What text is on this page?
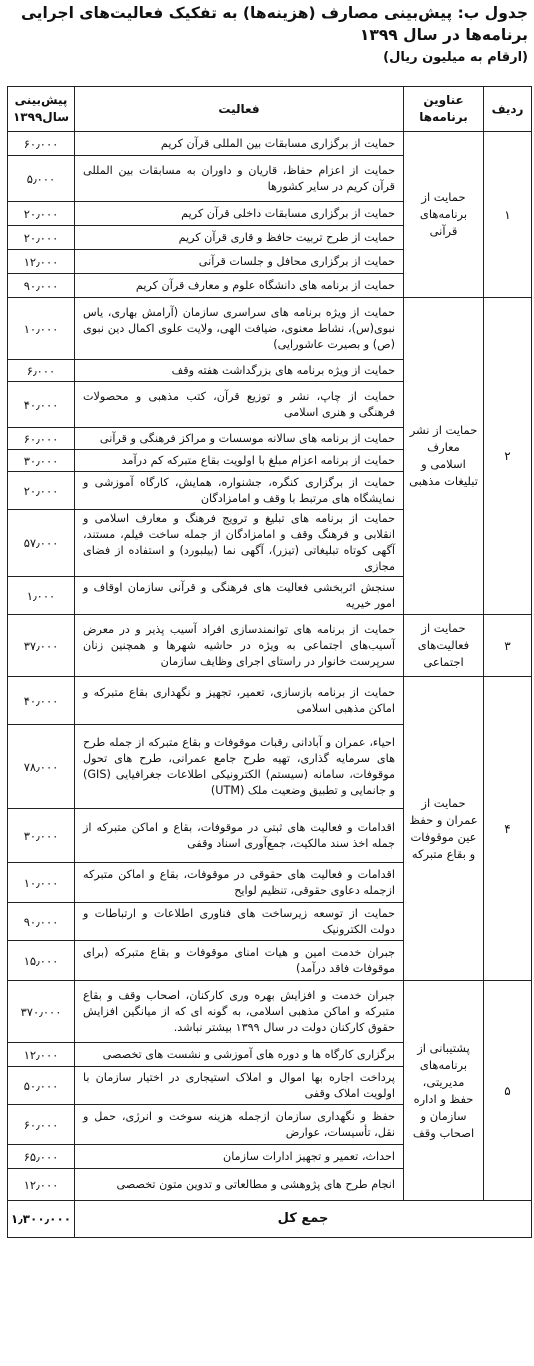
جدول ب: پیش‌بینی مصارف (هزینه‌ها) به تفکیک فعالیت‌های اجرایی برنامه‌ها در سال ۱۳۹۹
(ارقام به میلیون ریال)
ردیف	عناوین برنامه‌ها	فعالیت	پیش‌بینی سال۱۳۹۹
۱	حمایت از برنامه‌های قرآنی	حمایت از برگزاری مسابقات بین المللی قرآن کریم	۶۰٫۰۰۰
		حمایت از اعزام حفاظ، قاریان و داوران به مسابقات بین المللی قرآن کریم در سایر کشورها	۵٫۰۰۰
		حمایت از برگزاری مسابقات داخلی قرآن کریم	۲۰٫۰۰۰
		حمایت از طرح تربیت حافظ و قاری قرآن کریم	۲۰٫۰۰۰
		حمایت از برگزاری محافل و جلسات قرآنی	۱۲٫۰۰۰
		حمایت از برنامه های دانشگاه علوم و معارف قرآن کریم	۹۰٫۰۰۰
۲	حمایت از نشر معارف اسلامی و تبلیغات مذهبی	حمایت از ویژه برنامه های سراسری سازمان (آرامش بهاری، یاس نبوی(س)، نشاط معنوی، ضیافت الهی، ولایت علوی اکمال دین نبوی (ص) و بصیرت عاشورایی)	۱۰٫۰۰۰
		حمایت از ویژه برنامه های بزرگداشت هفته وقف	۶٫۰۰۰
		حمایت از چاپ، نشر و توزیع قرآن، کتب مذهبی و محصولات فرهنگی و هنری اسلامی	۴۰٫۰۰۰
		حمایت از برنامه های سالانه موسسات و مراکز فرهنگی و قرآنی	۶۰٫۰۰۰
		حمایت از برنامه اعزام مبلغ با اولویت بقاع متبرکه کم درآمد	۳۰٫۰۰۰
		حمایت از برگزاری کنگره، جشنواره، همایش، کارگاه آموزشی و نمایشگاه های مرتبط با وقف و امامزادگان	۲۰٫۰۰۰
		حمایت از برنامه های تبلیغ و ترویج فرهنگ و معارف اسلامی و انقلابی و فرهنگ وقف و امامزادگان از جمله ساخت فیلم، مستند، آگهی کوتاه تبلیغاتی (تیزر)، آگهی نما (بیلبورد) و استفاده از فضای مجازی	۵۷٫۰۰۰
		سنجش اثربخشی فعالیت های فرهنگی و قرآنی سازمان اوقاف و امور خیریه	۱٫۰۰۰
۳	حمایت از فعالیت‌های اجتماعی	حمایت از برنامه های توانمندسازی افراد آسیب پذیر و در معرض آسیب‌های اجتماعی به ویژه در حاشیه شهرها و همچنین زنان سرپرست خانوار در راستای اجرای وظایف سازمان	۳۷٫۰۰۰
۴	حمایت از عمران و حفظ عین موقوفات و بقاع متبرکه	حمایت از برنامه بازسازی، تعمیر، تجهیز و نگهداری بقاع متبرکه و اماکن مذهبی اسلامی	۴۰٫۰۰۰
		احیاء، عمران و آبادانی رقبات موقوفات و بقاع متبرکه از جمله طرح های سرمایه گذاری، تهیه طرح جامع عمرانی، طرح های تحول موقوفات، سامانه (سیستم) الکترونیکی اطلاعات جغرافیایی (GIS) و جانمایی و تطبیق وضعیت ملک (UTM)	۷۸٫۰۰۰
		اقدامات و فعالیت های ثبتی در موقوفات، بقاع و اماکن متبرکه از جمله اخذ سند مالکیت، جمع‌آوری اسناد وقفی	۳۰٫۰۰۰
		اقدامات و فعالیت های حقوقی در موقوفات، بقاع و اماکن متبرکه ازجمله دعاوی حقوقی، تنظیم لوایح	۱۰٫۰۰۰
		حمایت از توسعه زیرساخت های فناوری اطلاعات و ارتباطات و دولت الکترونیک	۹۰٫۰۰۰
		جبران خدمت امین و هیات امنای موقوفات و بقاع متبرکه (برای موقوفات فاقد درآمد)	۱۵٫۰۰۰
۵	پشتیبانی از برنامه‌های مدیریتی، حفظ و اداره سازمان و اصحاب وقف	جبران خدمت و افزایش بهره وری کارکنان، اصحاب وقف و بقاع متبرکه و اماکن مذهبی اسلامی، به گونه ای که از میانگین افزایش حقوق کارکنان دولت در سال ۱۳۹۹ بیشتر نباشد.	۳۷۰٫۰۰۰
		برگزاری کارگاه ها و دوره های آموزشی و نشست های تخصصی	۱۲٫۰۰۰
		پرداخت اجاره بها اموال و املاک استیجاری در اختیار سازمان با اولویت املاک وقفی	۵۰٫۰۰۰
		حفظ و نگهداری سازمان ازجمله هزینه سوخت و انرژی، حمل و نقل، تأسیسات، عوارض	۶۰٫۰۰۰
		احداث، تعمیر و تجهیز ادارات سازمان	۶۵٫۰۰۰
		انجام طرح های پژوهشی و مطالعاتی و تدوین متون تخصصی	۱۲٫۰۰۰
جمع کل			۱٫۳۰۰٫۰۰۰
